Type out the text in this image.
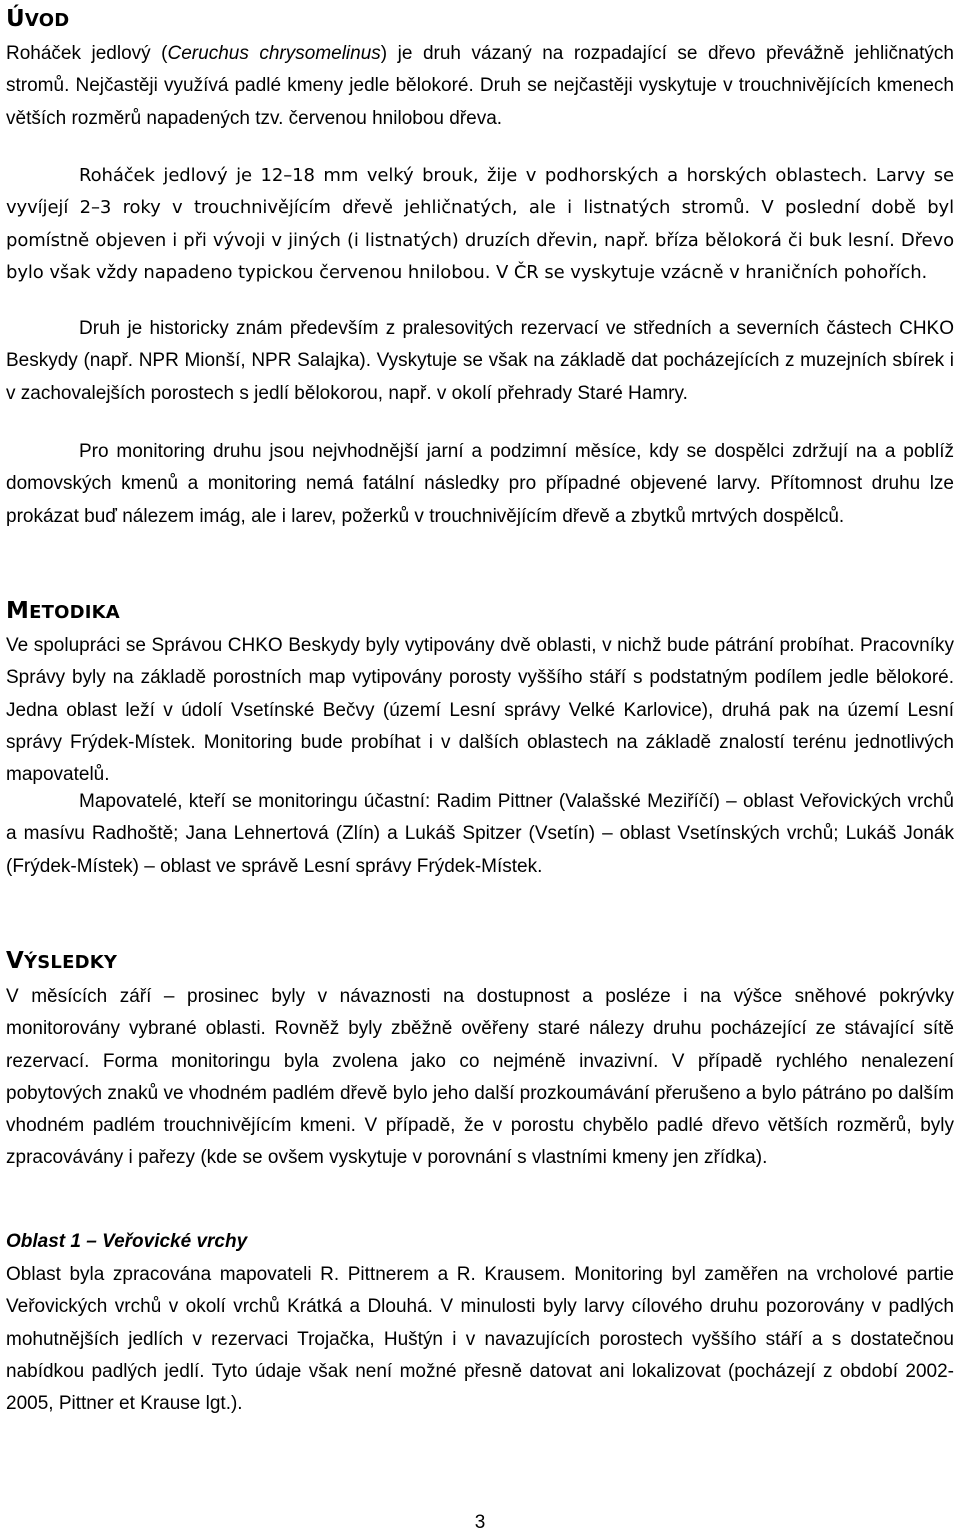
ÚVOD

Roháček jedlový (Ceruchus chrysomelinus) je druh vázaný na rozpadající se dřevo převážně jehličnatých stromů. Nejčastěji využívá padlé kmeny jedle bělokoré. Druh se nejčastěji vyskytuje v trouchnivějících kmenech větších rozměrů napadených tzv. červenou hnilobou dřeva.

Roháček jedlový je 12–18 mm velký brouk, žije v podhorských a horských oblastech. Larvy se vyvíjejí 2–3 roky v trouchnivějícím dřevě jehličnatých, ale i listnatých stromů. V poslední době byl pomístně objeven i při vývoji v jiných (i listnatých) druzích dřevin, např. bříza bělokorá či buk lesní. Dřevo bylo však vždy napadeno typickou červenou hnilobou. V ČR se vyskytuje vzácně v hraničních pohořích.

Druh je historicky znám především z pralesovitých rezervací ve středních a severních částech CHKO Beskydy (např. NPR Mionší, NPR Salajka). Vyskytuje se však na základě dat pocházejících z muzejních sbírek i v zachovalejších porostech s jedlí bělokorou, např. v okolí přehrady Staré Hamry.

Pro monitoring druhu jsou nejvhodnější jarní a podzimní měsíce, kdy se dospělci zdržují na a poblíž domovských kmenů a monitoring nemá fatální následky pro případné objevené larvy. Přítomnost druhu lze prokázat buď nálezem imág, ale i larev, požerků v trouchnivějícím dřevě a zbytků mrtvých dospělců.

METODIKA

Ve spolupráci se Správou CHKO Beskydy byly vytipovány dvě oblasti, v nichž bude pátrání probíhat. Pracovníky Správy byly na základě porostních map vytipovány porosty vyššího stáří s podstatným podílem jedle bělokoré. Jedna oblast leží v údolí Vsetínské Bečvy (území Lesní správy Velké Karlovice), druhá pak na území Lesní správy Frýdek-Místek. Monitoring bude probíhat i v dalších oblastech na základě znalostí terénu jednotlivých mapovatelů.

Mapovatelé, kteří se monitoringu účastní: Radim Pittner (Valašské Meziříčí) – oblast Veřovických vrchů a masívu Radhoště; Jana Lehnertová (Zlín) a Lukáš Spitzer (Vsetín) – oblast Vsetínských vrchů; Lukáš Jonák (Frýdek-Místek) – oblast ve správě Lesní správy Frýdek-Místek.

VÝSLEDKY

V měsících září – prosinec byly v návaznosti na dostupnost a posléze i na výšce sněhové pokrývky monitorovány vybrané oblasti. Rovněž byly zběžně ověřeny staré nálezy druhu pocházející ze stávající sítě rezervací. Forma monitoringu byla zvolena jako co nejméně invazivní. V případě rychlého nenalezení pobytových znaků ve vhodném padlém dřevě bylo jeho další prozkoumávání přerušeno a bylo pátráno po dalším vhodném padlém trouchnivějícím kmeni. V případě, že v porostu chybělo padlé dřevo větších rozměrů, byly zpracovávány i pařezy (kde se ovšem vyskytuje v porovnání s vlastními kmeny jen zřídka).

Oblast 1 – Veřovické vrchy

Oblast byla zpracována mapovateli R. Pittnerem a R. Krausem. Monitoring byl zaměřen na vrcholové partie Veřovických vrchů v okolí vrchů Krátká a Dlouhá. V minulosti byly larvy cílového druhu pozorovány v padlých mohutnějších jedlích v rezervaci Trojačka, Huštýn i v navazujících porostech vyššího stáří a s dostatečnou nabídkou padlých jedlí. Tyto údaje však není možné přesně datovat ani lokalizovat (pocházejí z období 2002-2005, Pittner et Krause lgt.).

3
